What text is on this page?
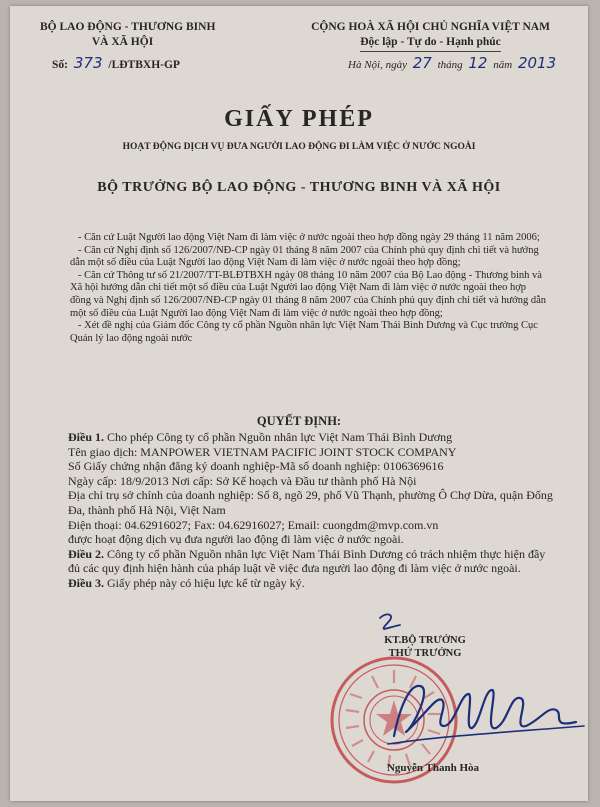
BỘ LAO ĐỘNG - THƯƠNG BINH
VÀ XÃ HỘI
Số: 373 /LĐTBXH-GP
CỘNG HOÀ XÃ HỘI CHỦ NGHĨA VIỆT NAM
Độc lập - Tự do - Hạnh phúc
Hà Nội, ngày 27 tháng 12 năm 2013
GIẤY PHÉP
HOẠT ĐỘNG DỊCH VỤ ĐƯA NGƯỜI LAO ĐỘNG ĐI LÀM VIỆC Ở NƯỚC NGOÀI
BỘ TRƯỞNG BỘ LAO ĐỘNG - THƯƠNG BINH VÀ XÃ HỘI

- Căn cứ Luật Người lao động Việt Nam đi làm việc ở nước ngoài theo hợp đồng ngày 29 tháng 11 năm 2006;

- Căn cứ Nghị định số 126/2007/NĐ-CP ngày 01 tháng 8 năm 2007 của Chính phủ quy định chi tiết và hướng dẫn một số điều của Luật Người lao động Việt Nam đi làm việc ở nước ngoài theo hợp đồng;

- Căn cứ Thông tư số 21/2007/TT-BLĐTBXH ngày 08 tháng 10 năm 2007 của Bộ Lao động - Thương binh và Xã hội hướng dẫn chi tiết một số điều của Luật Người lao động Việt Nam đi làm việc ở nước ngoài theo hợp đồng và Nghị định số 126/2007/NĐ-CP ngày 01 tháng 8 năm 2007 của Chính phủ quy định chi tiết và hướng dẫn một số điều của Luật Người lao động Việt Nam đi làm việc ở nước ngoài theo hợp đồng;

- Xét đề nghị của Giám đốc Công ty cổ phần Nguồn nhân lực Việt Nam Thái Bình Dương và Cục trưởng Cục Quản lý lao động ngoài nước

QUYẾT ĐỊNH:

Điều 1. Cho phép Công ty cổ phần Nguồn nhân lực Việt Nam Thái Bình Dương

Tên giao dịch: MANPOWER VIETNAM PACIFIC JOINT STOCK COMPANY

Số Giấy chứng nhận đăng ký doanh nghiệp-Mã số doanh nghiệp: 0106369616

Ngày cấp: 18/9/2013 Nơi cấp: Sở Kế hoạch và Đầu tư thành phố Hà Nội

Địa chỉ trụ sở chính của doanh nghiệp: Số 8, ngõ 29, phố Vũ Thạnh, phường Ô Chợ Dừa, quận Đống Đa, thành phố Hà Nội, Việt Nam

Điện thoại: 04.62916027; Fax: 04.62916027; Email: cuongdm@mvp.com.vn

được hoạt động dịch vụ đưa người lao động đi làm việc ở nước ngoài.

Điều 2. Công ty cổ phần Nguồn nhân lực Việt Nam Thái Bình Dương có trách nhiệm thực hiện đầy đủ các quy định hiện hành của pháp luật về việc đưa người lao động đi làm việc ở nước ngoài.

Điều 3. Giấy phép này có hiệu lực kể từ ngày ký.

KT.BỘ TRƯỞNG
THỨ TRƯỞNG
Nguyễn Thanh Hòa
